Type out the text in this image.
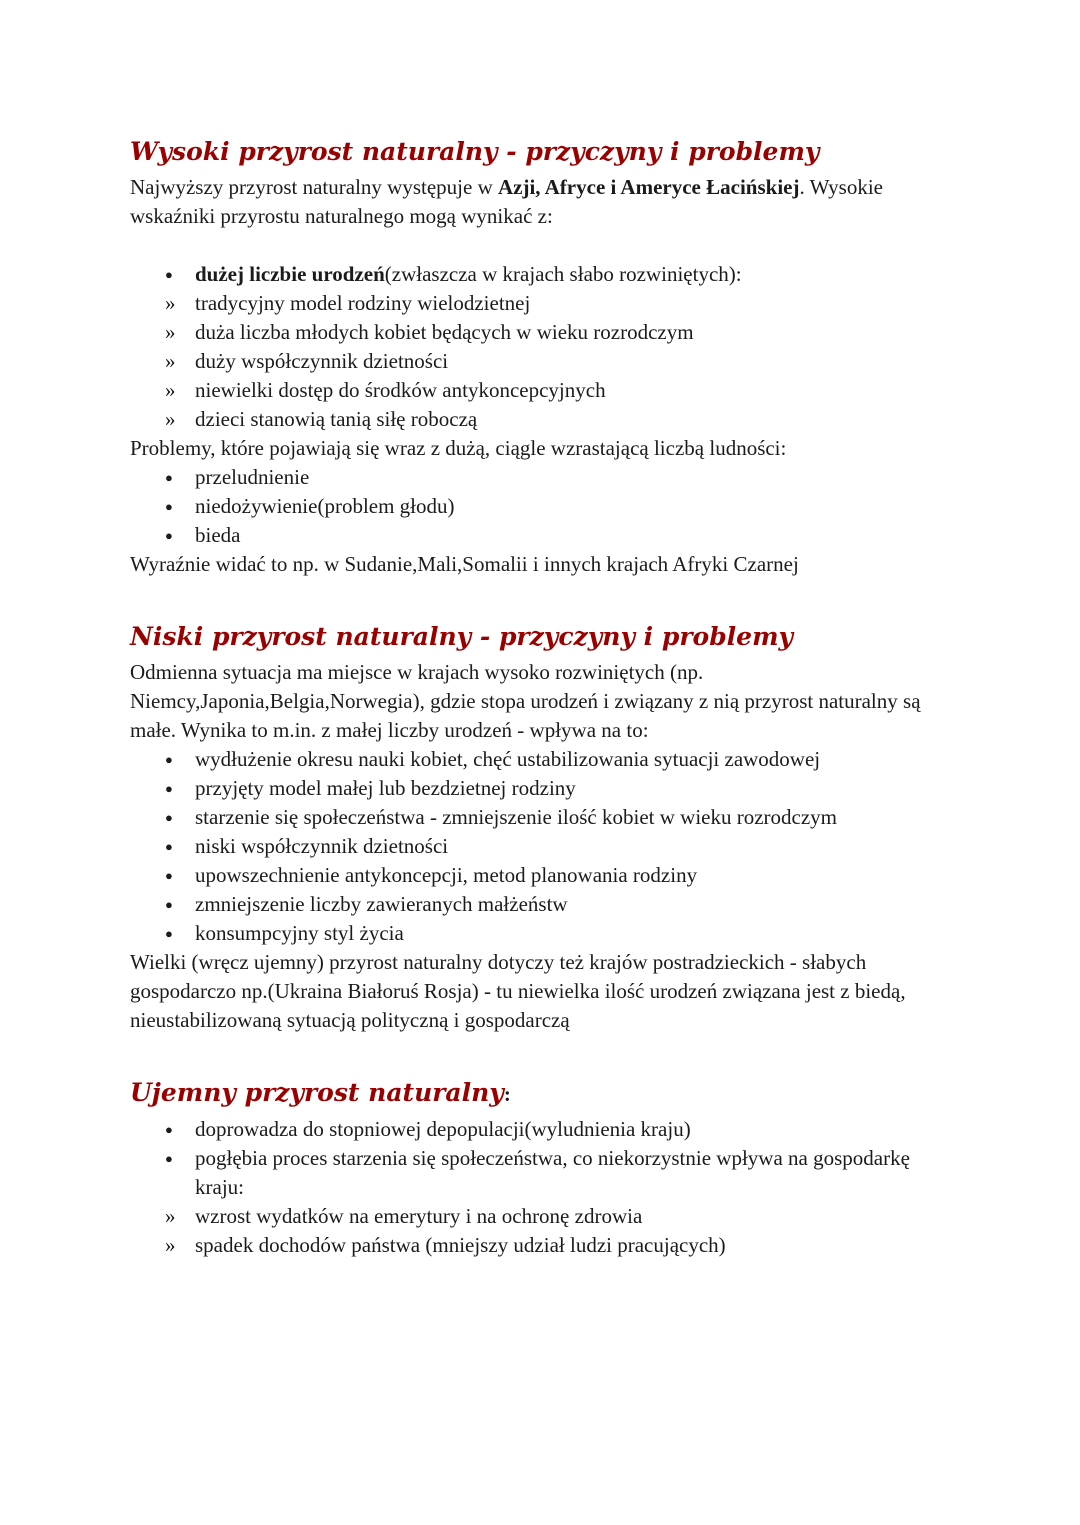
Wysoki przyrost naturalny - przyczyny i problemy

Najwyższy przyrost naturalny występuje w Azji, Afryce i Ameryce Łacińskiej. Wysokie wskaźniki przyrostu naturalnego mogą wynikać z:

●	dużej liczbie urodzeń(zwłaszcza w krajach słabo rozwiniętych):
» tradycyjny model rodziny wielodzietnej
» duża liczba młodych kobiet będących w wieku rozrodczym
» duży współczynnik dzietności
» niewielki dostęp do środków antykoncepcyjnych
» dzieci stanowią tanią siłę roboczą

Problemy, które pojawiają się wraz z dużą, ciągle wzrastającą liczbą ludności:

●	przeludnienie
●	niedożywienie(problem głodu)
●	bieda

Wyraźnie widać to np. w Sudanie,Mali,Somalii i innych krajach Afryki Czarnej

Niski przyrost naturalny - przyczyny i problemy

Odmienna sytuacja ma miejsce w krajach wysoko rozwiniętych (np. Niemcy,Japonia,Belgia,Norwegia), gdzie stopa urodzeń i związany z nią przyrost naturalny są małe. Wynika to m.in. z małej liczby urodzeń - wpływa na to:

●	wydłużenie okresu nauki kobiet, chęć ustabilizowania sytuacji zawodowej
●	przyjęty model małej lub bezdzietnej rodziny
●	starzenie się społeczeństwa - zmniejszenie ilość kobiet w wieku rozrodczym
●	niski współczynnik dzietności
●	upowszechnienie antykoncepcji, metod planowania rodziny
●	zmniejszenie liczby zawieranych małżeństw
●	konsumpcyjny styl życia

Wielki (wręcz ujemny) przyrost naturalny dotyczy też krajów postradzieckich - słabych gospodarczo np.(Ukraina Białoruś Rosja) - tu niewielka ilość urodzeń związana jest z biedą, nieustabilizowaną sytuacją polityczną i gospodarczą

Ujemny przyrost naturalny:
●	doprowadza do stopniowej depopulacji(wyludnienia kraju)
●	pogłębia proces starzenia się społeczeństwa, co niekorzystnie wpływa na gospodarkę kraju:
» wzrost wydatków na emerytury i na ochronę zdrowia
» spadek dochodów państwa (mniejszy udział ludzi pracujących)
